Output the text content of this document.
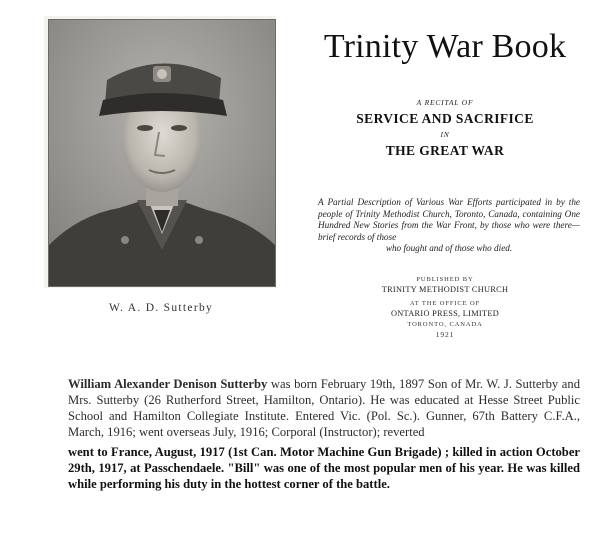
W. A. D. Sutterby
Trinity War Book
A RECITAL OF
SERVICE AND SACRIFICE
IN
THE GREAT WAR
A Partial Description of Various War Efforts participated in by the people of Trinity Methodist Church, Toronto, Canada, containing One Hundred New Stories from the War Front, by those who were there—brief records of those
who fought and of those who died.
PUBLISHED BY
TRINITY METHODIST CHURCH
AT THE OFFICE OF
ONTARIO PRESS, LIMITED
TORONTO, CANADA
1921

William Alexander Denison Sutterby was born February 19th, 1897 Son of Mr. W. J. Sutterby and Mrs. Sutterby (26 Rutherford Street, Hamilton, Ontario). He was educated at Hesse Street Public School and Hamilton Collegiate Institute. Entered Vic. (Pol. Sc.). Gunner, 67th Battery C.F.A., March, 1916; went overseas July, 1916; Corporal (Instructor); reverted

went to France, August, 1917 (1st Can. Motor Machine Gun Brigade) ; killed in action October 29th, 1917, at Passchendaele. "Bill" was one of the most popular men of his year. He was killed while performing his duty in the hottest corner of the battle.
